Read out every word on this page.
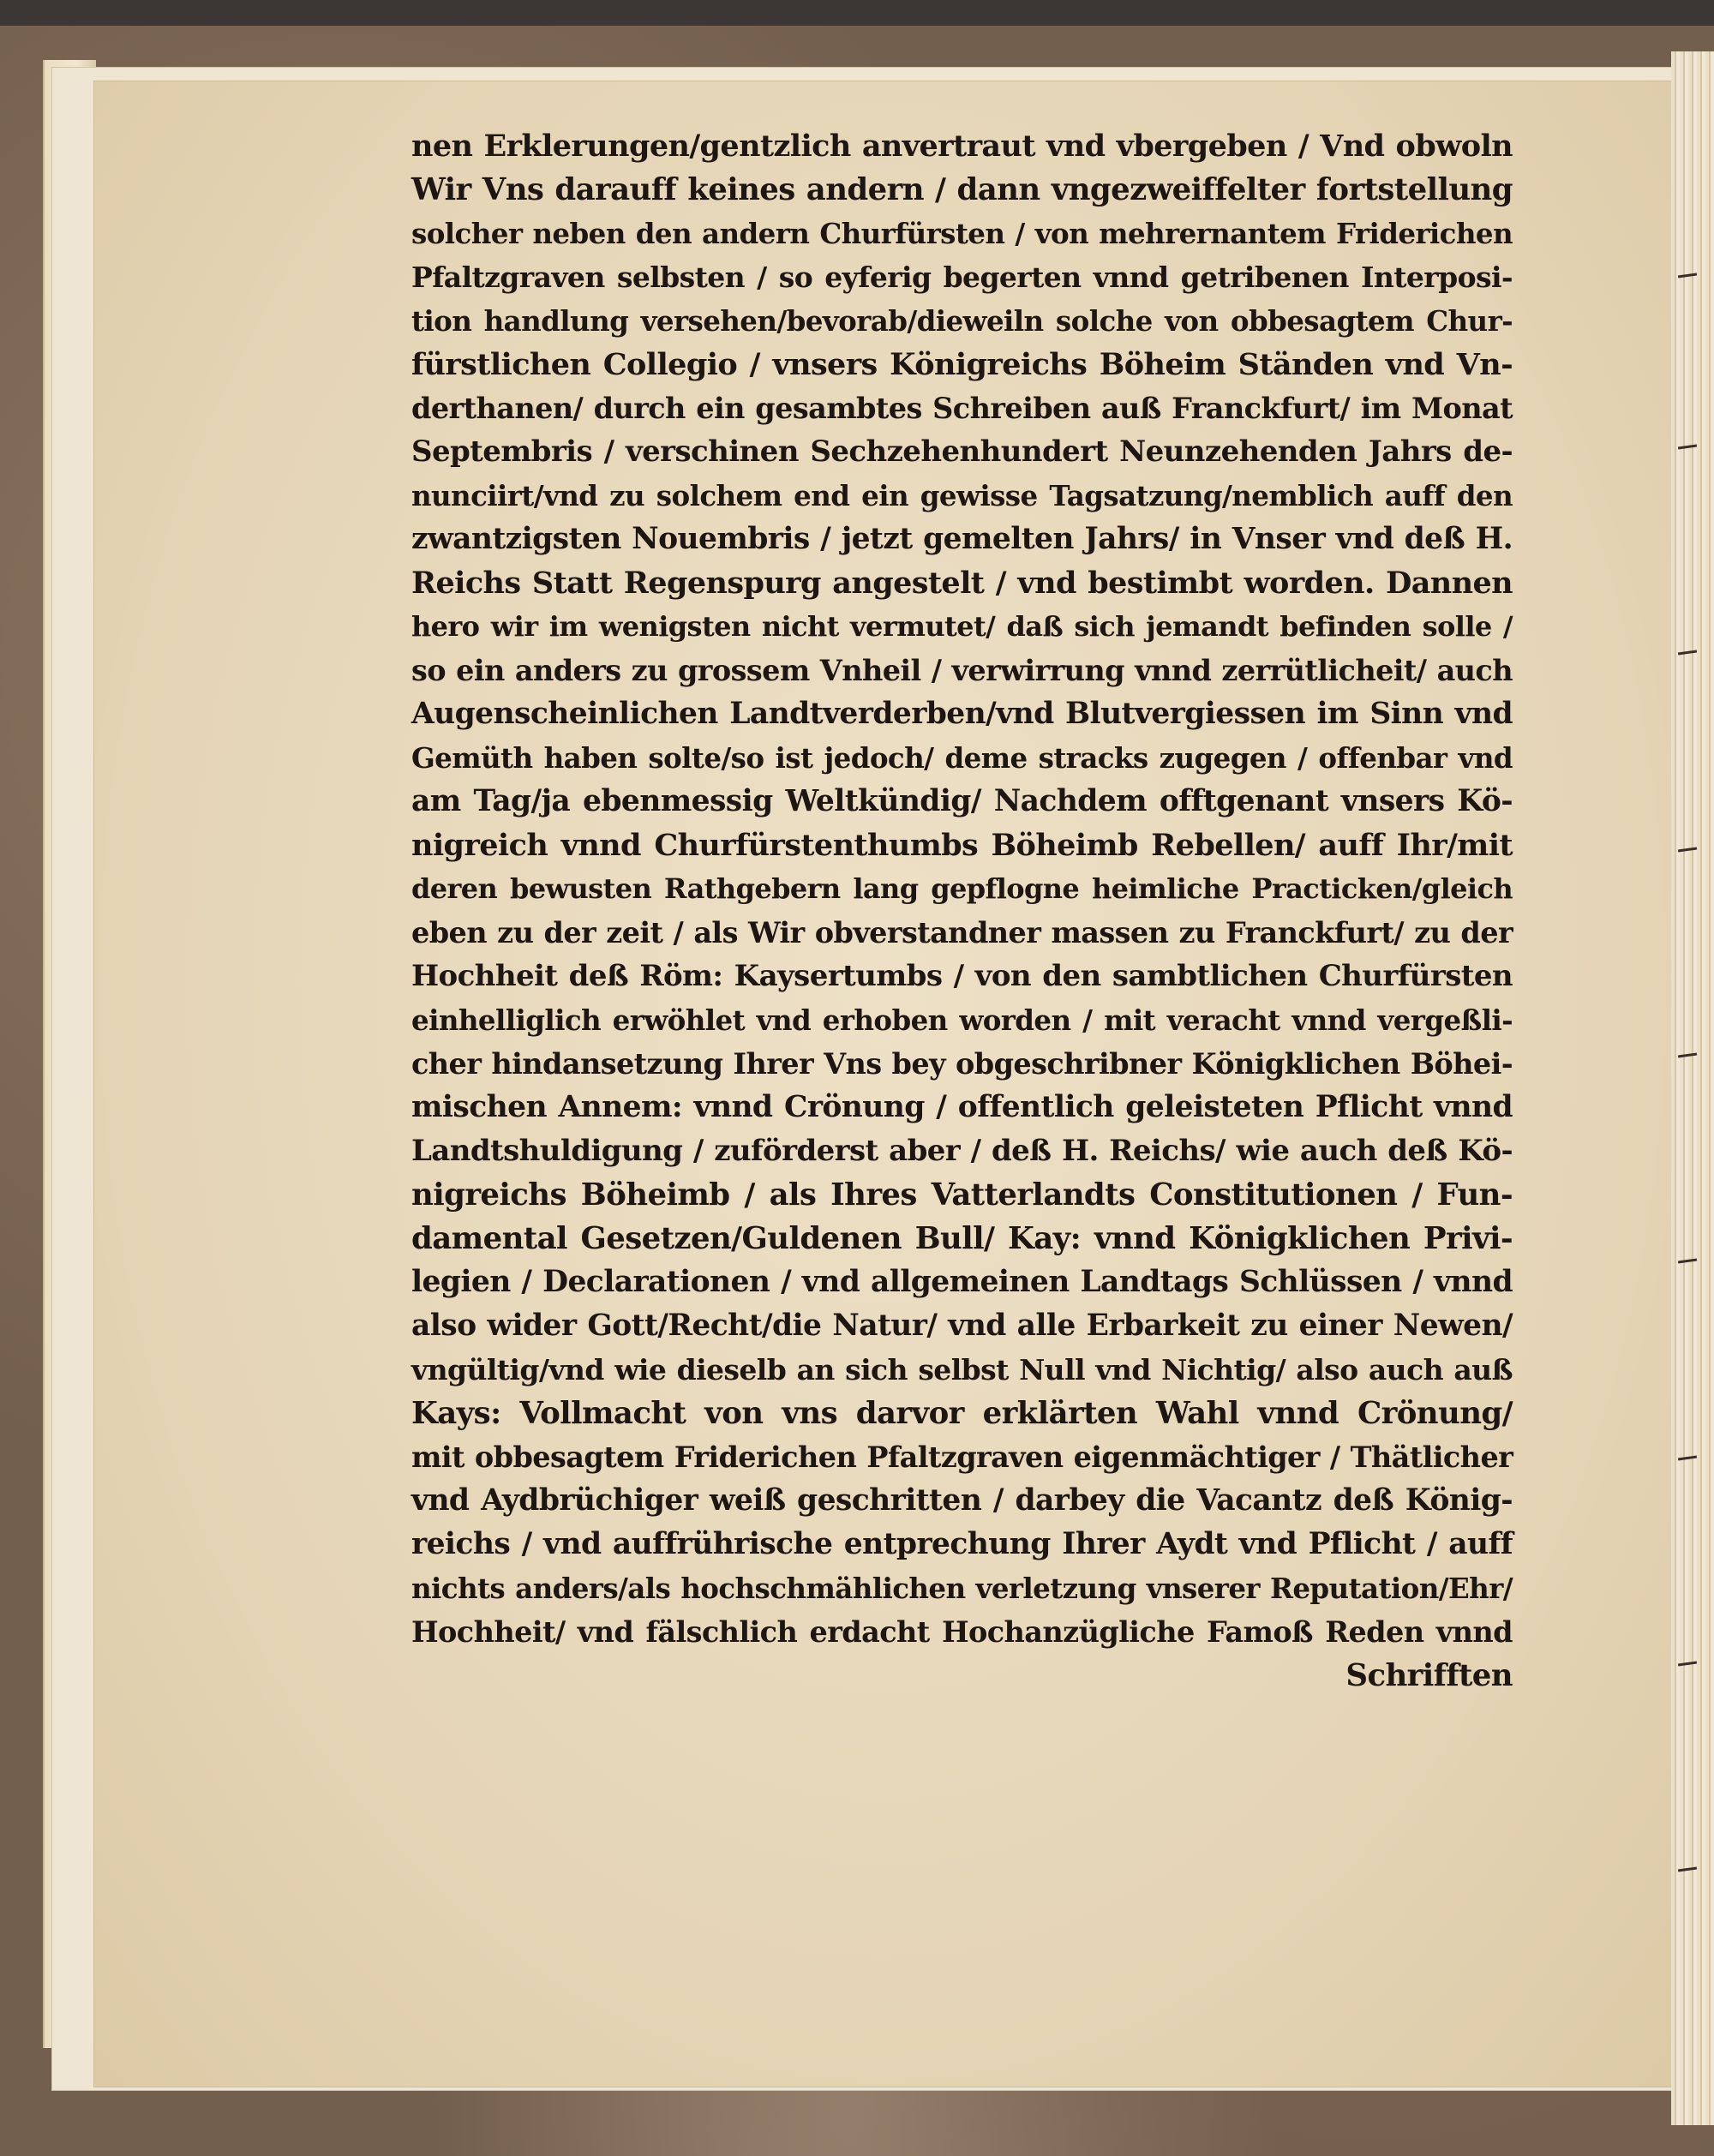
nen Erklerungen/gentzlich anvertraut vnd vbergeben / Vnd obwoln
Wir Vns darauff keines andern / dann vngezweiffelter fortstellung
solcher neben den andern Churfürsten / von mehrernantem Friderichen
Pfaltzgraven selbsten / so eyferig begerten vnnd getribenen Interposi-
tion handlung versehen/bevorab/dieweiln solche von obbesagtem Chur-
fürstlichen Collegio / vnsers Königreichs Böheim Ständen vnd Vn-
derthanen/ durch ein gesambtes Schreiben auß Franckfurt/ im Monat
Septembris / verschinen Sechzehenhundert Neunzehenden Jahrs de-
nunciirt/vnd zu solchem end ein gewisse Tagsatzung/nemblich auff den
zwantzigsten Nouembris / jetzt gemelten Jahrs/ in Vnser vnd deß H.
Reichs Statt Regenspurg angestelt / vnd bestimbt worden. Dannen
hero wir im wenigsten nicht vermutet/ daß sich jemandt befinden solle /
so ein anders zu grossem Vnheil / verwirrung vnnd zerrütlicheit/ auch
Augenscheinlichen Landtverderben/vnd Blutvergiessen im Sinn vnd
Gemüth haben solte/so ist jedoch/ deme stracks zugegen / offenbar vnd
am Tag/ja ebenmessig Weltkündig/ Nachdem offtgenant vnsers Kö-
nigreich vnnd Churfürstenthumbs Böheimb Rebellen/ auff Ihr/mit
deren bewusten Rathgebern lang gepflogne heimliche Practicken/gleich
eben zu der zeit / als Wir obverstandner massen zu Franckfurt/ zu der
Hochheit deß Röm: Kaysertumbs / von den sambtlichen Churfürsten
einhelliglich erwöhlet vnd erhoben worden / mit veracht vnnd vergeßli-
cher hindansetzung Ihrer Vns bey obgeschribner Königklichen Böhei-
mischen Annem: vnnd Crönung / offentlich geleisteten Pflicht vnnd
Landtshuldigung / zuförderst aber / deß H. Reichs/ wie auch deß Kö-
nigreichs Böheimb / als Ihres Vatterlandts Constitutionen / Fun-
damental Gesetzen/Guldenen Bull/ Kay: vnnd Königklichen Privi-
legien / Declarationen / vnd allgemeinen Landtags Schlüssen / vnnd
also wider Gott/Recht/die Natur/ vnd alle Erbarkeit zu einer Newen/
vngültig/vnd wie dieselb an sich selbst Null vnd Nichtig/ also auch auß
Kays: Vollmacht von vns darvor erklärten Wahl vnnd Crönung/
mit obbesagtem Friderichen Pfaltzgraven eigenmächtiger / Thätlicher
vnd Aydbrüchiger weiß geschritten / darbey die Vacantz deß König-
reichs / vnd auffrührische entprechung Ihrer Aydt vnd Pflicht / auff
nichts anders/als hochschmählichen verletzung vnserer Reputation/Ehr/
Hochheit/ vnd fälschlich erdacht Hochanzügliche Famoß Reden vnnd
Schrifften
